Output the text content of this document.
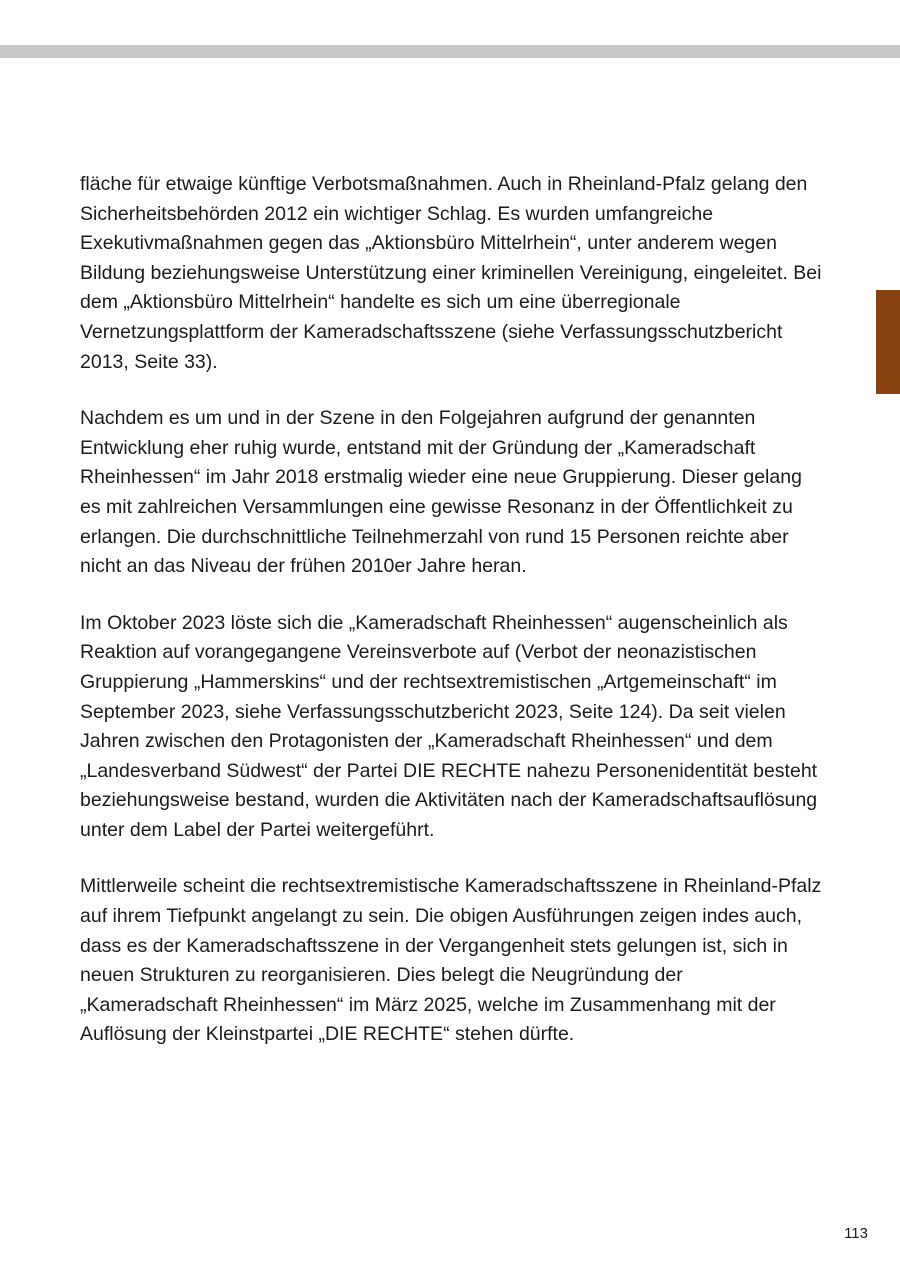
fläche für etwaige künftige Verbotsmaßnahmen. Auch in Rheinland-Pfalz gelang den Sicherheitsbehörden 2012 ein wichtiger Schlag. Es wurden umfangreiche Exekutivmaßnahmen gegen das „Aktionsbüro Mittelrhein“, unter anderem wegen Bildung beziehungsweise Unterstützung einer kriminellen Vereinigung, eingeleitet. Bei dem „Aktionsbüro Mittelrhein“ handelte es sich um eine überregionale Vernetzungsplattform der Kameradschaftsszene (siehe Verfassungsschutzbericht 2013, Seite 33).

Nachdem es um und in der Szene in den Folgejahren aufgrund der genannten Entwicklung eher ruhig wurde, entstand mit der Gründung der „Kameradschaft Rheinhessen“ im Jahr 2018 erstmalig wieder eine neue Gruppierung. Dieser gelang es mit zahlreichen Versammlungen eine gewisse Resonanz in der Öffentlichkeit zu erlangen. Die durchschnittliche Teilnehmerzahl von rund 15 Personen reichte aber nicht an das Niveau der frühen 2010er Jahre heran.

Im Oktober 2023 löste sich die „Kameradschaft Rheinhessen“ augenscheinlich als Reaktion auf vorangegangene Vereinsverbote auf (Verbot der neonazistischen Gruppierung „Hammerskins“ und der rechtsextremistischen „Artgemeinschaft“ im September 2023, siehe Verfassungsschutzbericht 2023, Seite 124). Da seit vielen Jahren zwischen den Protagonisten der „Kameradschaft Rheinhessen“ und dem „Landesverband Südwest“ der Partei DIE RECHTE nahezu Personenidentität besteht beziehungsweise bestand, wurden die Aktivitäten nach der Kameradschaftsauflösung unter dem Label der Partei weitergeführt.

Mittlerweile scheint die rechtsextremistische Kameradschaftsszene in Rheinland-Pfalz auf ihrem Tiefpunkt angelangt zu sein. Die obigen Ausführungen zeigen indes auch, dass es der Kameradschaftsszene in der Vergangenheit stets gelungen ist, sich in neuen Strukturen zu reorganisieren. Dies belegt die Neugründung der „Kameradschaft Rheinhessen“ im März 2025, welche im Zusammenhang mit der Auflösung der Kleinstpartei „DIE RECHTE“ stehen dürfte.

113
